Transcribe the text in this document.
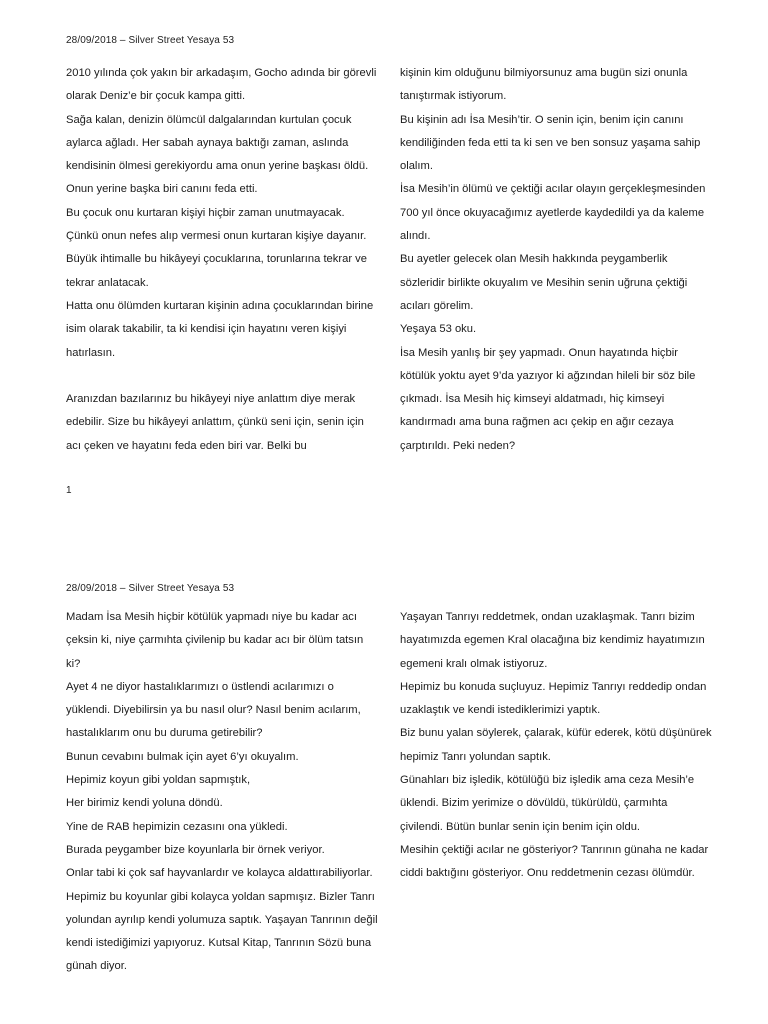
28/09/2018 – Silver Street Yesaya 53

2010 yılında çok yakın bir arkadaşım, Gocho adında bir görevli olarak Deniz’e bir çocuk kampa gitti.

Sağa kalan, denizin ölümcül dalgalarından kurtulan çocuk aylarca ağladı. Her sabah aynaya baktığı zaman, aslında kendisinin ölmesi gerekiyordu ama onun yerine başkası öldü. Onun yerine başka biri canını feda etti.

Bu çocuk onu kurtaran kişiyi hiçbir zaman unutmayacak. Çünkü onun nefes alıp vermesi onun kurtaran kişiye dayanır. Büyük ihtimalle bu hikâyeyi çocuklarına, torunlarına tekrar ve tekrar anlatacak.

Hatta onu ölümden kurtaran kişinin adına çocuklarından birine isim olarak takabilir, ta ki kendisi için hayatını veren kişiyi hatırlasın.

Aranızdan bazılarınız bu hikâyeyi niye anlattım diye merak edebilir. Size bu hikâyeyi anlattım, çünkü seni için, senin için acı çeken ve hayatını feda eden biri var. Belki bu

kişinin kim olduğunu bilmiyorsunuz ama bugün sizi onunla tanıştırmak istiyorum.

Bu kişinin adı İsa Mesih’tir. O senin için, benim için canını kendiliğinden feda etti ta ki sen ve ben sonsuz yaşama sahip olalım.

İsa Mesih’in ölümü ve çektiği acılar olayın gerçekleşmesinden 700 yıl önce okuyacağımız ayetlerde kaydedildi ya da kaleme alındı.

Bu ayetler gelecek olan Mesih hakkında peygamberlik sözleridir birlikte okuyalım ve Mesihin senin uğruna çektiği acıları görelim.

Yeşaya 53 oku.

İsa Mesih yanlış bir şey yapmadı. Onun hayatında hiçbir kötülük yoktu ayet 9’da yazıyor ki ağzından hileli bir söz bile çıkmadı. İsa Mesih hiç kimseyi aldatmadı, hiç kimseyi kandırmadı ama buna rağmen acı çekip en ağır cezaya çarptırıldı. Peki neden?

1
28/09/2018 – Silver Street Yesaya 53

Madam İsa Mesih hiçbir kötülük yapmadı niye bu kadar acı çeksin ki, niye çarmıhta çivilenip bu kadar acı bir ölüm tatsın ki?

Ayet 4 ne diyor hastalıklarımızı o üstlendi acılarımızı o yüklendi. Diyebilirsin ya bu nasıl olur? Nasıl benim acılarım, hastalıklarım onu bu duruma getirebilir?

Bunun cevabını bulmak için ayet 6’yı okuyalım.

Hepimiz koyun gibi yoldan sapmıştık,

Her birimiz kendi yoluna döndü.

Yine de RAB hepimizin cezasını ona yükledi.

Burada peygamber bize koyunlarla bir örnek veriyor.

Onlar tabi ki çok saf hayvanlardır ve kolayca aldattırabiliyorlar. Hepimiz bu koyunlar gibi kolayca yoldan sapmışız. Bizler Tanrı yolundan ayrılıp kendi yolumuza saptık. Yaşayan Tanrının değil kendi istediğimizi yapıyoruz. Kutsal Kitap, Tanrının Sözü buna günah diyor.

Yaşayan Tanrıyı reddetmek, ondan uzaklaşmak. Tanrı bizim hayatımızda egemen Kral olacağına biz kendimiz hayatımızın egemeni kralı olmak istiyoruz.

Hepimiz bu konuda suçluyuz. Hepimiz Tanrıyı reddedip ondan uzaklaştık ve kendi istediklerimizi yaptık.

Biz bunu yalan söylerek, çalarak, küfür ederek, kötü düşünürek hepimiz Tanrı yolundan saptık.

Günahları biz işledik, kötülüğü biz işledik ama ceza Mesih’e üklendi. Bizim yerimize o dövüldü, tükürüldü, çarmıhta çivilendi. Bütün bunlar senin için benim için oldu.

Mesihin çektiği acılar ne gösteriyor? Tanrının günaha ne kadar ciddi baktığını gösteriyor. Onu reddetmenin cezası ölümdür.
